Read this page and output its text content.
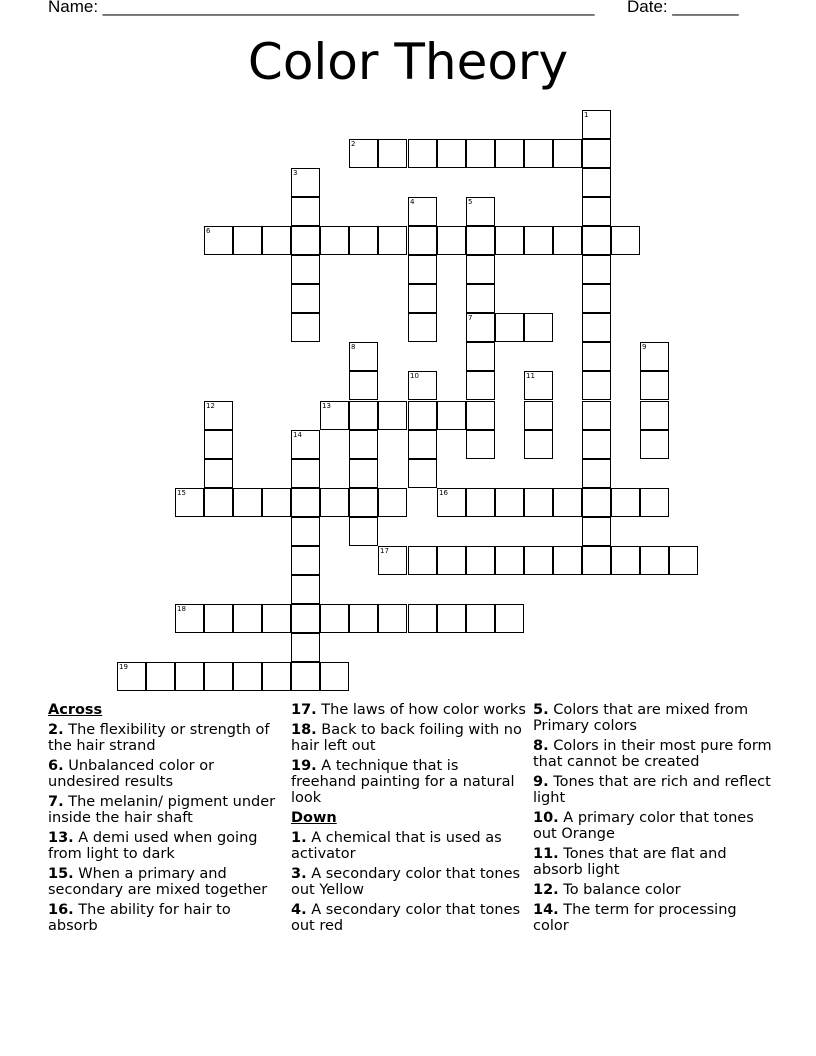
Name: ____________________________________________________ Date: _______
Color Theory
1
2
3
4	5
6
7
8	9
10	11
12	13
14
15	16
17
18
19
Across
2. The flexibility or strength of the hair strand
6. Unbalanced color or undesired results
7. The melanin/ pigment under inside the hair shaft
13. A demi used when going from light to dark
15. When a primary and secondary are mixed together
16. The ability for hair to absorb
17. The laws of how color works
18. Back to back foiling with no hair left out
19. A technique that is freehand painting for a natural look
Down
1. A chemical that is used as activator
3. A secondary color that tones out Yellow
4. A secondary color that tones out red
5. Colors that are mixed from Primary colors
8. Colors in their most pure form that cannot be created
9. Tones that are rich and reflect light
10. A primary color that tones out Orange
11. Tones that are flat and absorb light
12. To balance color
14. The term for processing color
